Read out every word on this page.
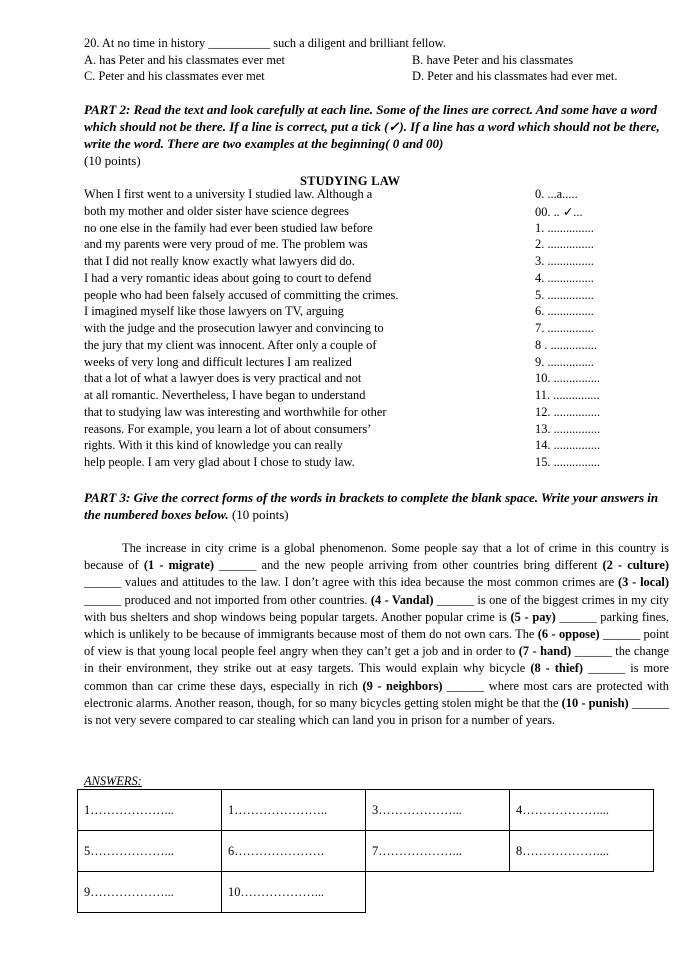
20. At no time in history __________ such a diligent and brilliant fellow.
A. has Peter and his classmates ever met	B. have Peter and his classmates
C. Peter and his classmates ever met	D. Peter and his classmates had ever met.
PART 2: Read the text and look carefully at each line. Some of the lines are correct. And some have a word which should not be there. If a line is correct, put a tick (✓). If a line has a word which should not be there, write the word. There are two examples at the beginning( 0 and 00)
(10 points)
STUDYING LAW
When I first went to a university I studied law. Although a	0. ...a.....
both my mother and older sister have science degrees	00. .. ✓...
no one else in the family had ever been studied law before	1. ...............
and my parents were very proud of me. The problem was	2. ...............
that I did not really know exactly what lawyers did do.	3. ...............
I had a very romantic ideas about going to court to defend	4. ...............
people who had been falsely accused of committing the crimes.	5. ...............
I imagined myself like those lawyers on TV, arguing	6. ...............
with the judge and the prosecution lawyer and convincing to	7. ...............
the jury that my client was innocent. After only a couple of	8 . ...............
weeks of very long and difficult lectures I am realized	9. ...............
that a lot of what a lawyer does is very practical and not	10. ...............
at all romantic. Nevertheless, I have began to understand	11. ...............
that to studying law was interesting and worthwhile for other	12. ...............
reasons. For example, you learn a lot of about consumers’	13. ...............
rights. With it this kind of knowledge you can really	14. ...............
help people. I am very glad about I chose to study law.	15. ...............
PART 3: Give the correct forms of the words in brackets to complete the blank space. Write your answers in the numbered boxes below. (10 points)
The increase in city crime is a global phenomenon. Some people say that a lot of crime in this country is because of (1 - migrate) ______ and the new people arriving from other countries bring different (2 - culture) ______ values and attitudes to the law. I don’t agree with this idea because the most common crimes are (3 - local) ______ produced and not imported from other countries. (4 - Vandal) ______ is one of the biggest crimes in my city with bus shelters and shop windows being popular targets. Another popular crime is (5 - pay) ______ parking fines, which is unlikely to be because of immigrants because most of them do not own cars. The (6 - oppose) ______ point of view is that young local people feel angry when they can’t get a job and in order to (7 - hand) ______ the change in their environment, they strike out at easy targets. This would explain why bicycle (8 - thief) ______ is more common than car crime these days, especially in rich (9 - neighbors) ______ where most cars are protected with electronic alarms. Another reason, though, for so many bicycles getting stolen might be that the (10 - punish) ______ is not very severe compared to car stealing which can land you in prison for a number of years.
ANSWERS:
1………………...	1…………………..	3………………...	4………………....
5………………...	6………………….	7………………...	8………………....
9………………...	10………………...		
